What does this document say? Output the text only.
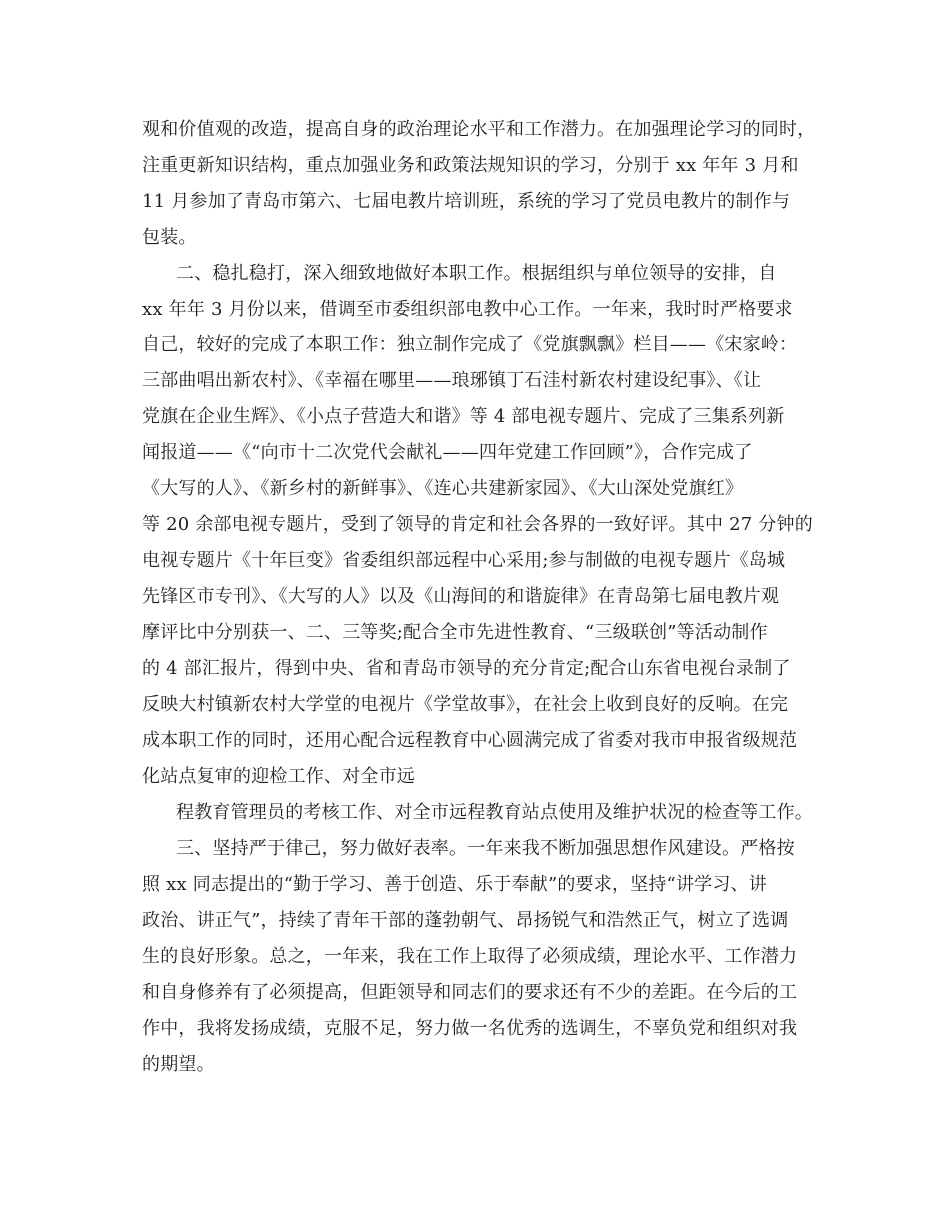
观和价值观的改造，提高自身的政治理论水平和工作潜力。在加强理论学习的同时，
注重更新知识结构，重点加强业务和政策法规知识的学习，分别于 xx 年年 3 月和
11 月参加了青岛市第六、七届电教片培训班，系统的学习了党员电教片的制作与
包装。
二、稳扎稳打，深入细致地做好本职工作。根据组织与单位领导的安排，自
xx 年年 3 月份以来，借调至市委组织部电教中心工作。一年来，我时时严格要求
自己，较好的完成了本职工作：独立制作完成了《党旗飘飘》栏目——《宋家岭：
三部曲唱出新农村》、《幸福在哪里——琅琊镇丁石洼村新农村建设纪事》、《让
党旗在企业生辉》、《小点子营造大和谐》等 4 部电视专题片、完成了三集系列新
闻报道——《“向市十二次党代会献礼——四年党建工作回顾”》，合作完成了
《大写的人》、《新乡村的新鲜事》、《连心共建新家园》、《大山深处党旗红》
等 20 余部电视专题片，受到了领导的肯定和社会各界的一致好评。其中 27 分钟的
电视专题片《十年巨变》省委组织部远程中心采用;参与制做的电视专题片《岛城
先锋区市专刊》、《大写的人》以及《山海间的和谐旋律》在青岛第七届电教片观
摩评比中分别获一、二、三等奖;配合全市先进性教育、“三级联创”等活动制作
的 4 部汇报片，得到中央、省和青岛市领导的充分肯定;配合山东省电视台录制了
反映大村镇新农村大学堂的电视片《学堂故事》，在社会上收到良好的反响。在完
成本职工作的同时，还用心配合远程教育中心圆满完成了省委对我市申报省级规范
化站点复审的迎检工作、对全市远
程教育管理员的考核工作、对全市远程教育站点使用及维护状况的检查等工作。
三、坚持严于律己，努力做好表率。一年来我不断加强思想作风建设。严格按
照 xx 同志提出的“勤于学习、善于创造、乐于奉献”的要求，坚持“讲学习、讲
政治、讲正气”，持续了青年干部的蓬勃朝气、昂扬锐气和浩然正气，树立了选调
生的良好形象。总之，一年来，我在工作上取得了必须成绩，理论水平、工作潜力
和自身修养有了必须提高，但距领导和同志们的要求还有不少的差距。在今后的工
作中，我将发扬成绩，克服不足，努力做一名优秀的选调生，不辜负党和组织对我
的期望。
